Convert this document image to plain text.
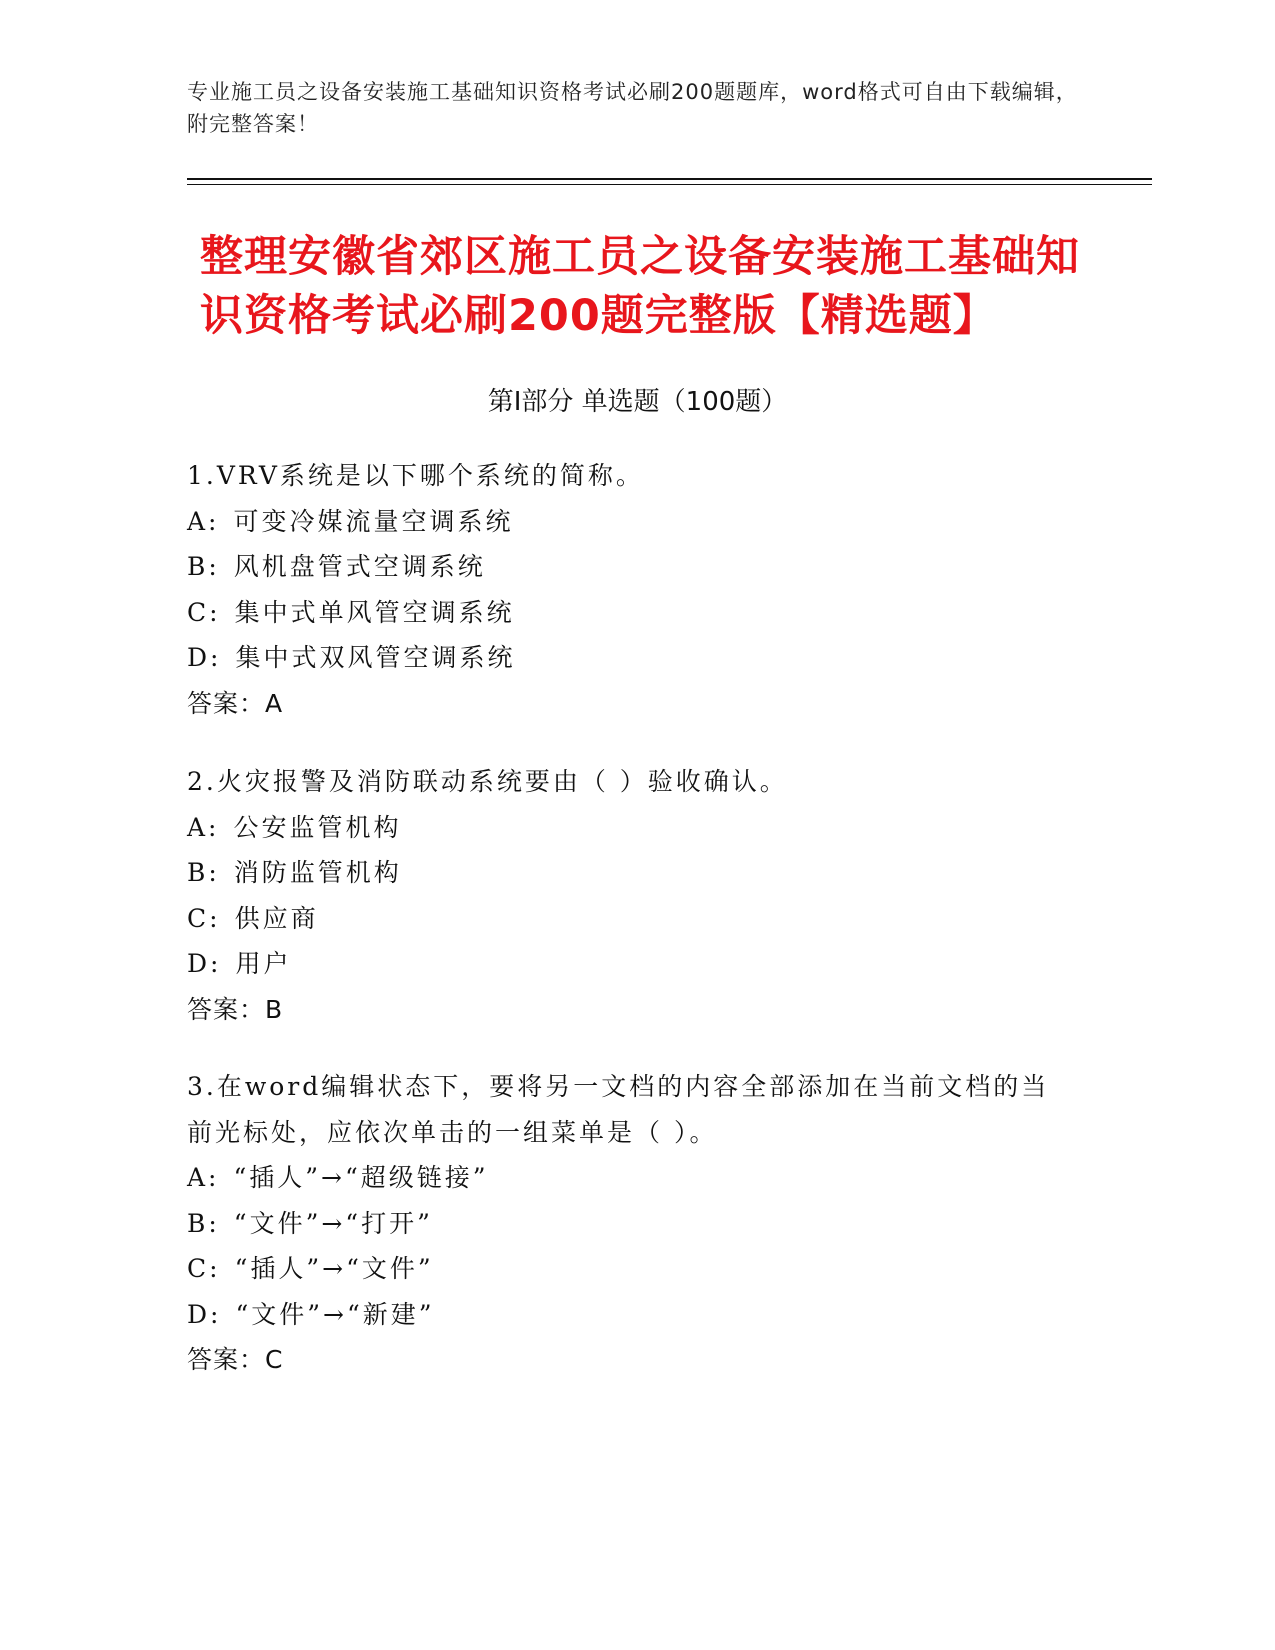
专业施工员之设备安装施工基础知识资格考试必刷200题题库，word格式可自由下载编辑，附完整答案！
整理安徽省郊区施工员之设备安装施工基础知识资格考试必刷200题完整版【精选题】
第Ⅰ部分 单选题（100题）
1.VRV系统是以下哪个系统的简称。
A: 可变冷媒流量空调系统
B: 风机盘管式空调系统
C: 集中式单风管空调系统
D: 集中式双风管空调系统
答案：A
2.火灾报警及消防联动系统要由（ ）验收确认。
A: 公安监管机构
B: 消防监管机构
C: 供应商
D: 用户
答案：B
3.在word编辑状态下，要将另一文档的内容全部添加在当前文档的当前光标处，应依次单击的一组菜单是（ ）。
A: “插人”→“超级链接”
B: “文件”→“打开”
C: “插人”→“文件”
D: “文件”→“新建”
答案：C
